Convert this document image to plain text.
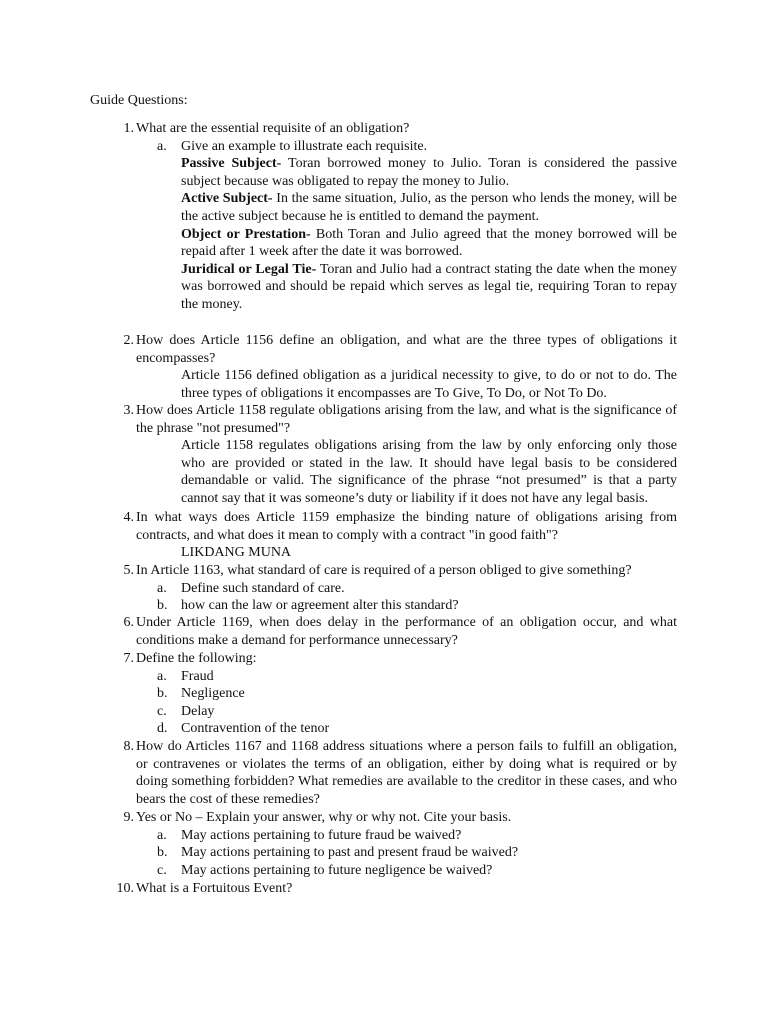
Guide Questions:
1. What are the essential requisite of an obligation?
a.	Give an example to illustrate each requisite.
Passive Subject- Toran borrowed money to Julio. Toran is considered the passive subject because was obligated to repay the money to Julio.
Active Subject- In the same situation, Julio, as the person who lends the money, will be the active subject because he is entitled to demand the payment.
Object or Prestation- Both Toran and Julio agreed that the money borrowed will be repaid after 1 week after the date it was borrowed.
Juridical or Legal Tie- Toran and Julio had a contract stating the date when the money was borrowed and should be repaid which serves as legal tie, requiring Toran to repay the money.
2. How does Article 1156 define an obligation, and what are the three types of obligations it encompasses?
Article 1156 defined obligation as a juridical necessity to give, to do or not to do. The three types of obligations it encompasses are To Give, To Do, or Not To Do.
3. How does Article 1158 regulate obligations arising from the law, and what is the significance of the phrase "not presumed"?
Article 1158 regulates obligations arising from the law by only enforcing only those who are provided or stated in the law. It should have legal basis to be considered demandable or valid. The significance of the phrase “not presumed” is that a party cannot say that it was someone’s duty or liability if it does not have any legal basis.
4. In what ways does Article 1159 emphasize the binding nature of obligations arising from contracts, and what does it mean to comply with a contract "in good faith"?
LIKDANG MUNA
5. In Article 1163, what standard of care is required of a person obliged to give something?
a.	Define such standard of care.
b. how can the law or agreement alter this standard?
6. Under Article 1169, when does delay in the performance of an obligation occur, and what conditions make a demand for performance unnecessary?
7. Define the following:
a.	Fraud
b. Negligence
c.	Delay
d. Contravention of the tenor
8. How do Articles 1167 and 1168 address situations where a person fails to fulfill an obligation, or contravenes or violates the terms of an obligation, either by doing what is required or by doing something forbidden? What remedies are available to the creditor in these cases, and who bears the cost of these remedies?
9. Yes or No – Explain your answer, why or why not. Cite your basis.
a.	May actions pertaining to future fraud be waived?
b. May actions pertaining to past and present fraud be waived?
c.	May actions pertaining to future negligence be waived?
10. What is a Fortuitous Event?
